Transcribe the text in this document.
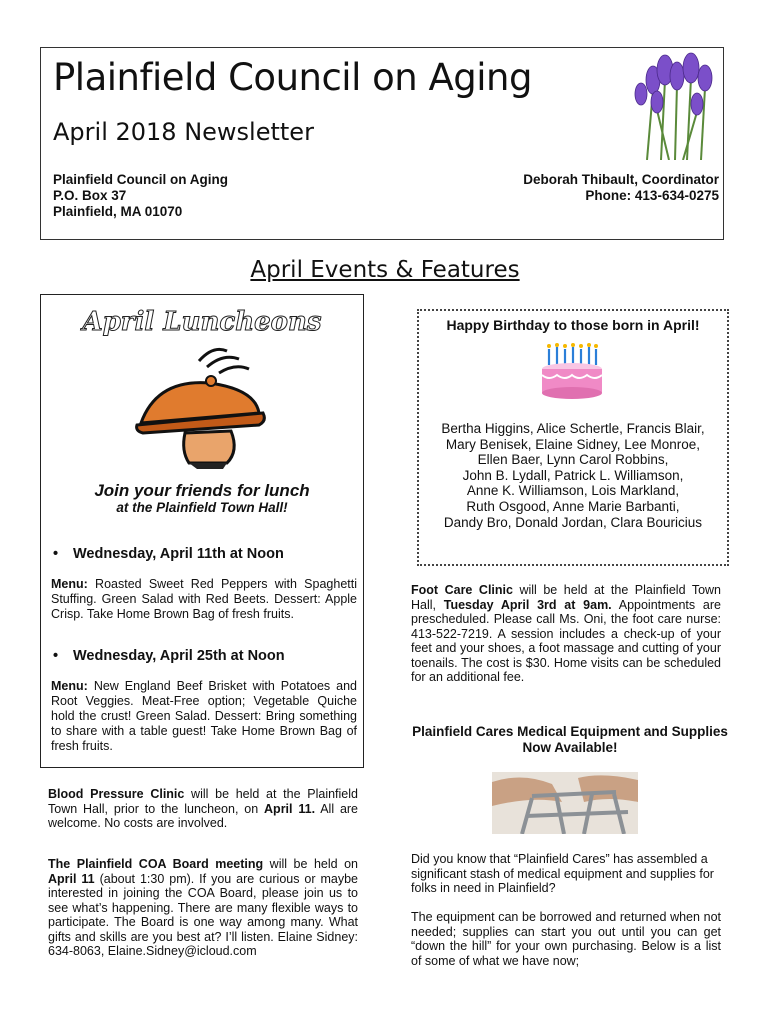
Plainfield Council on Aging
April 2018 Newsletter
Plainfield Council on Aging
P.O. Box 37
Plainfield, MA 01070
Deborah Thibault, Coordinator
Phone: 413-634-0275
April Events & Features
April Luncheons
Join your friends for lunch
at the Plainfield Town Hall!
• Wednesday, April 11th at Noon
Menu: Roasted Sweet Red Peppers with Spaghetti Stuffing. Green Salad with Red Beets. Dessert: Apple Crisp. Take Home Brown Bag of fresh fruits.
• Wednesday, April 25th at Noon
Menu: New England Beef Brisket with Potatoes and Root Veggies. Meat-Free option; Vegetable Quiche hold the crust! Green Salad. Dessert: Bring something to share with a table guest! Take Home Brown Bag of fresh fruits.
Happy Birthday to those born in April!
Bertha Higgins, Alice Schertle, Francis Blair,
Mary Benisek, Elaine Sidney, Lee Monroe,
Ellen Baer, Lynn Carol Robbins,
John B. Lydall, Patrick L. Williamson,
Anne K. Williamson, Lois Markland,
Ruth Osgood, Anne Marie Barbanti,
Dandy Bro, Donald Jordan, Clara Bouricius
Foot Care Clinic will be held at the Plainfield Town Hall, Tuesday April 3rd at 9am. Appointments are prescheduled. Please call Ms. Oni, the foot care nurse: 413-522-7219. A session includes a check-up of your feet and your shoes, a foot massage and cutting of your toenails. The cost is $30. Home visits can be scheduled for an additional fee.
Plainfield Cares Medical Equipment and Supplies Now Available!
Blood Pressure Clinic will be held at the Plainfield Town Hall, prior to the luncheon, on April 11. All are welcome. No costs are involved.
The Plainfield COA Board meeting will be held on April 11 (about 1:30 pm). If you are curious or maybe interested in joining the COA Board, please join us to see what’s happening. There are many flexible ways to participate. The Board is one way among many. What gifts and skills are you best at? I’ll listen. Elaine Sidney: 634-8063, Elaine.Sidney@icloud.com
Did you know that “Plainfield Cares” has assembled a significant stash of medical equipment and supplies for folks in need in Plainfield?
The equipment can be borrowed and returned when not needed; supplies can start you out until you can get “down the hill” for your own purchasing. Below is a list of some of what we have now;
